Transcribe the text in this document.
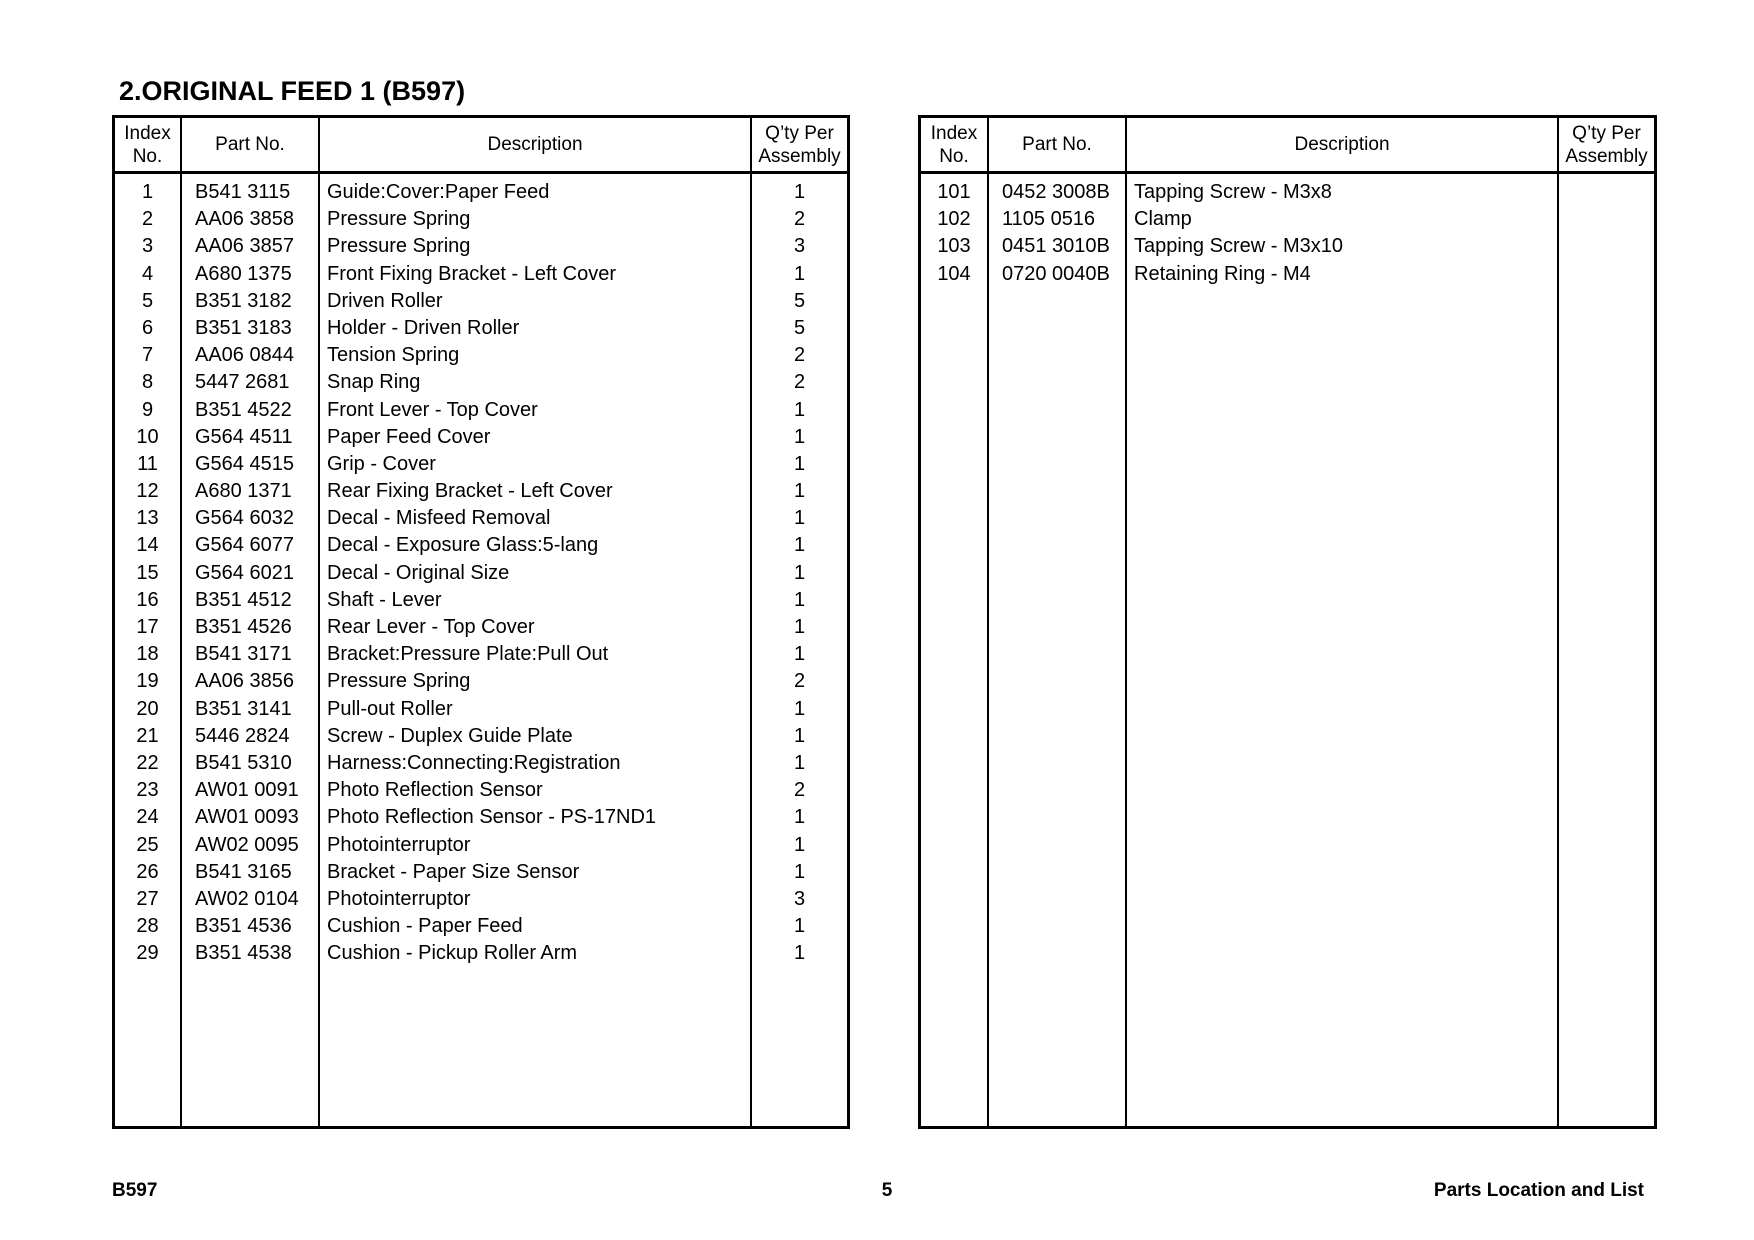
2.ORIGINAL FEED 1 (B597)
Index
No.
Part No.	Description
Q’ty Per
Assembly
1	B541 3115	Guide:Cover:Paper Feed	1
2	AA06 3858	Pressure Spring	2
3	AA06 3857	Pressure Spring	3
4	A680 1375	Front Fixing Bracket - Left Cover	1
5	B351 3182	Driven Roller	5
6	B351 3183	Holder - Driven Roller	5
7	AA06 0844	Tension Spring	2
8	5447 2681	Snap Ring	2
9	B351 4522	Front Lever - Top Cover	1
10	G564 4511	Paper Feed Cover	1
11	G564 4515	Grip - Cover	1
12	A680 1371	Rear Fixing Bracket - Left Cover	1
13	G564 6032	Decal - Misfeed Removal	1
14	G564 6077	Decal - Exposure Glass:5-lang	1
15	G564 6021	Decal - Original Size	1
16	B351 4512	Shaft - Lever	1
17	B351 4526	Rear Lever - Top Cover	1
18	B541 3171	Bracket:Pressure Plate:Pull Out	1
19	AA06 3856	Pressure Spring	2
20	B351 3141	Pull-out Roller	1
21	5446 2824	Screw - Duplex Guide Plate	1
22	B541 5310	Harness:Connecting:Registration	1
23	AW01 0091	Photo Reflection Sensor	2
24	AW01 0093	Photo Reflection Sensor - PS-17ND1	1
25	AW02 0095	Photointerruptor	1
26	B541 3165	Bracket - Paper Size Sensor	1
27	AW02 0104	Photointerruptor	3
28	B351 4536	Cushion - Paper Feed	1
29	B351 4538	Cushion - Pickup Roller Arm	1
Index
No.
Part No.	Description
Q’ty Per
Assembly
101	0452 3008B	Tapping Screw - M3x8
102	1105 0516	Clamp
103	0451 3010B	Tapping Screw - M3x10
104	0720 0040B	Retaining Ring - M4
B597	5	Parts Location and List
